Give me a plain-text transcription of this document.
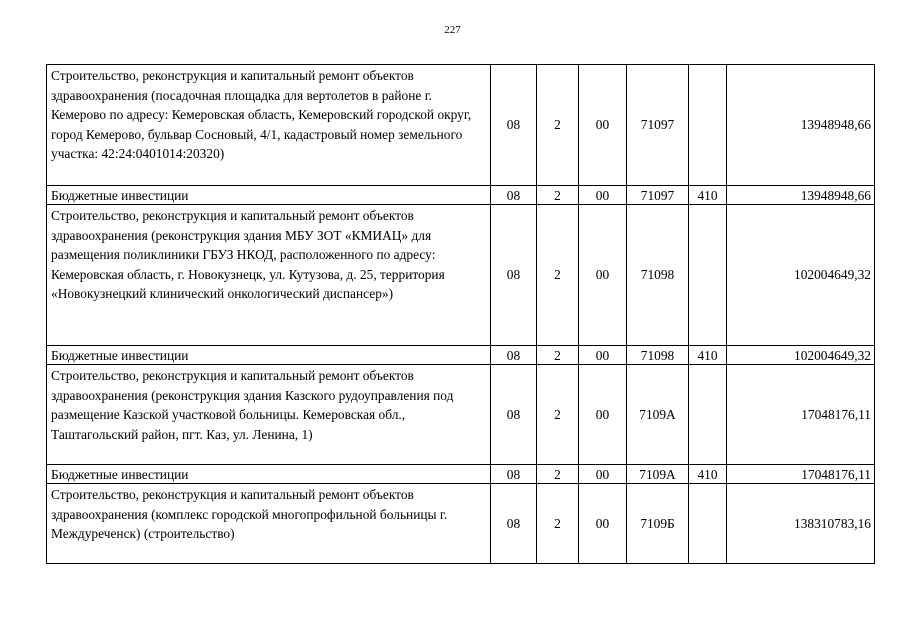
227
Строительство, реконструкция и капитальный ремонт объектов здравоохранения (посадочная площадка для вертолетов в районе г. Кемерово по адресу: Кемеровская область, Кемеровский городской округ, город Кемерово, бульвар Сосновый, 4/1, кадастровый номер земельного участка: 42:24:0401014:20320)	08	2	00	71097		13948948,66
Бюджетные инвестиции	08	2	00	71097	410	13948948,66
Строительство, реконструкция и капитальный ремонт объектов здравоохранения (реконструкция здания МБУ ЗОТ «КМИАЦ» для размещения поликлиники ГБУЗ НКОД, расположенного по адресу: Кемеровская область, г. Новокузнецк, ул. Кутузова, д. 25, территория «Новокузнецкий клинический онкологический диспансер»)	08	2	00	71098		102004649,32
Бюджетные инвестиции	08	2	00	71098	410	102004649,32
Строительство, реконструкция и капитальный ремонт объектов здравоохранения (реконструкция здания Казского рудоуправления под размещение Казской участковой больницы. Кемеровская обл., Таштагольский район, пгт. Каз, ул. Ленина, 1)	08	2	00	7109А		17048176,11
Бюджетные инвестиции	08	2	00	7109А	410	17048176,11
Строительство, реконструкция и капитальный ремонт объектов здравоохранения (комплекс городской многопрофильной больницы г. Междуреченск) (строительство)	08	2	00	7109Б		138310783,16
